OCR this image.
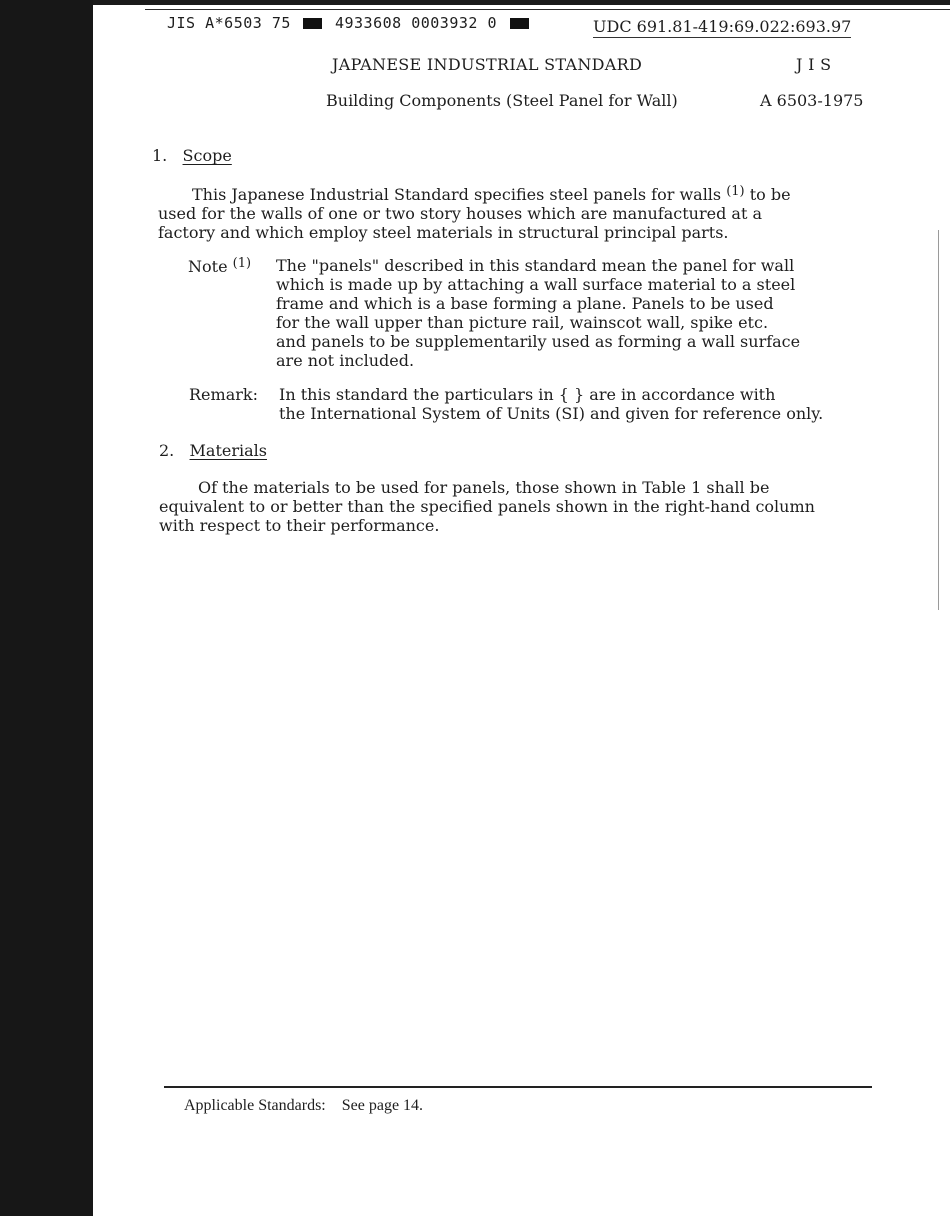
JIS A*6503 75	4933608 0003932 0	UDC 691.81-419:69.022:693.97
JAPANESE INDUSTRIAL STANDARD	J I S
Building Components (Steel Panel for Wall)	A 6503-1975
1. Scope
This Japanese Industrial Standard specifies steel panels for walls $^{(1)}$ to be
used for the walls of one or two story houses which are manufactured at a
factory and which employ steel materials in structural principal parts.
Note $^{(1)}$ The "panels" described in this standard mean the panel for wall
which is made up by attaching a wall surface material to a steel
frame and which is a base forming a plane. Panels to be used
for the wall upper than picture rail, wainscot wall, spike etc.
and panels to be supplementarily used as forming a wall surface
are not included.
Remark: In this standard the particulars in { } are in accordance with
the International System of Units (SI) and given for reference only.
2. Materials
Of the materials to be used for panels, those shown in Table 1 shall be
equivalent to or better than the specified panels shown in the right-hand column
with respect to their performance.
Applicable Standards: See page 14.
